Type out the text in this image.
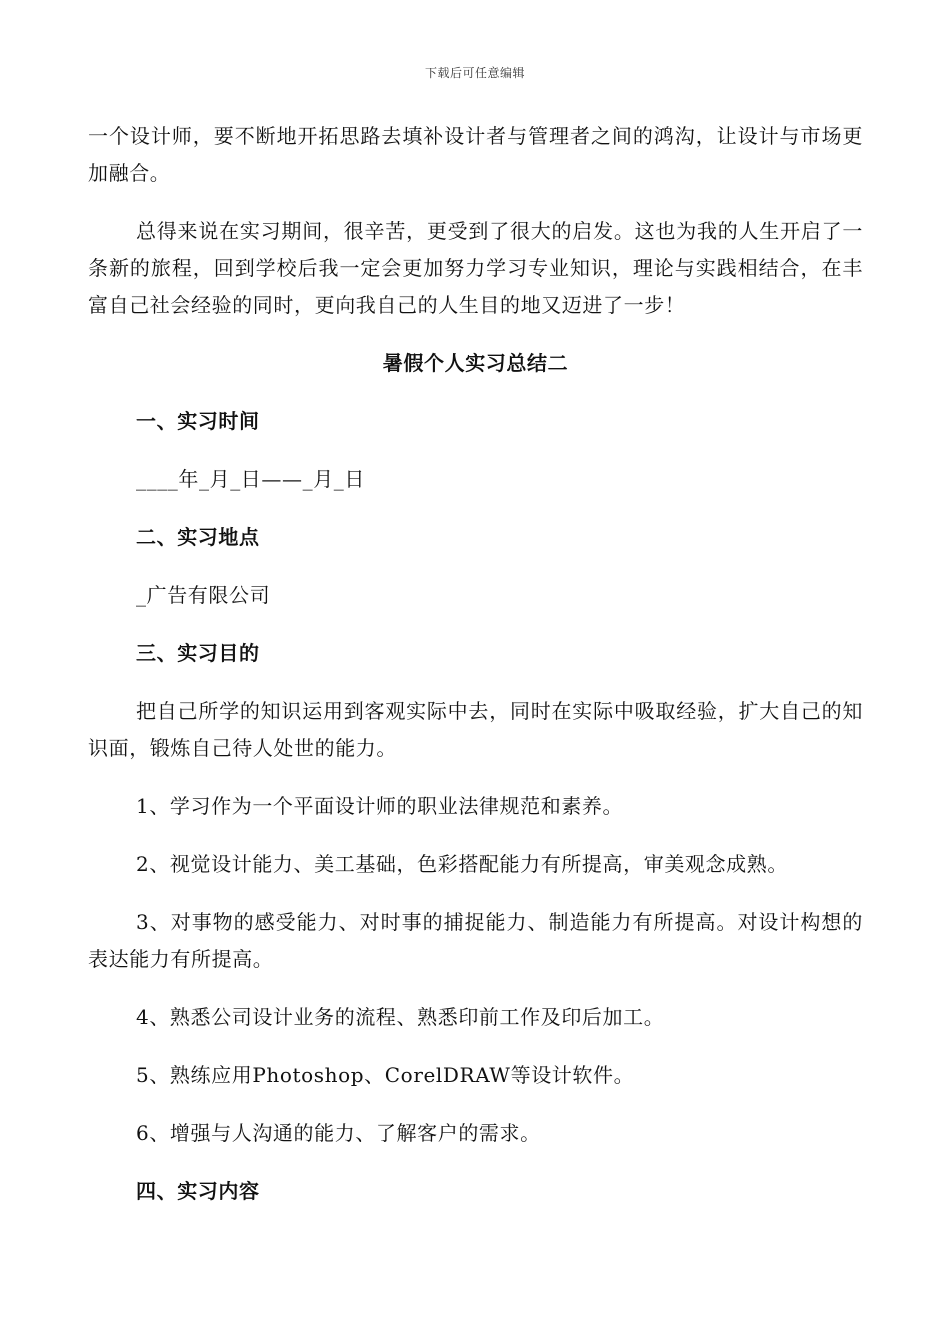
下载后可任意编辑

一个设计师，要不断地开拓思路去填补设计者与管理者之间的鸿沟，让设计与市场更加融合。

总得来说在实习期间，很辛苦，更受到了很大的启发。这也为我的人生开启了一条新的旅程，回到学校后我一定会更加努力学习专业知识，理论与实践相结合，在丰富自己社会经验的同时，更向我自己的人生目的地又迈进了一步！

暑假个人实习总结二

一、实习时间

____年_月_日——_月_日

二、实习地点

_广告有限公司

三、实习目的

把自己所学的知识运用到客观实际中去，同时在实际中吸取经验，扩大自己的知识面，锻炼自己待人处世的能力。

1、学习作为一个平面设计师的职业法律规范和素养。

2、视觉设计能力、美工基础，色彩搭配能力有所提高，审美观念成熟。

3、对事物的感受能力、对时事的捕捉能力、制造能力有所提高。对设计构想的表达能力有所提高。

4、熟悉公司设计业务的流程、熟悉印前工作及印后加工。

5、熟练应用Photoshop、CorelDRAW等设计软件。

6、增强与人沟通的能力、了解客户的需求。

四、实习内容
